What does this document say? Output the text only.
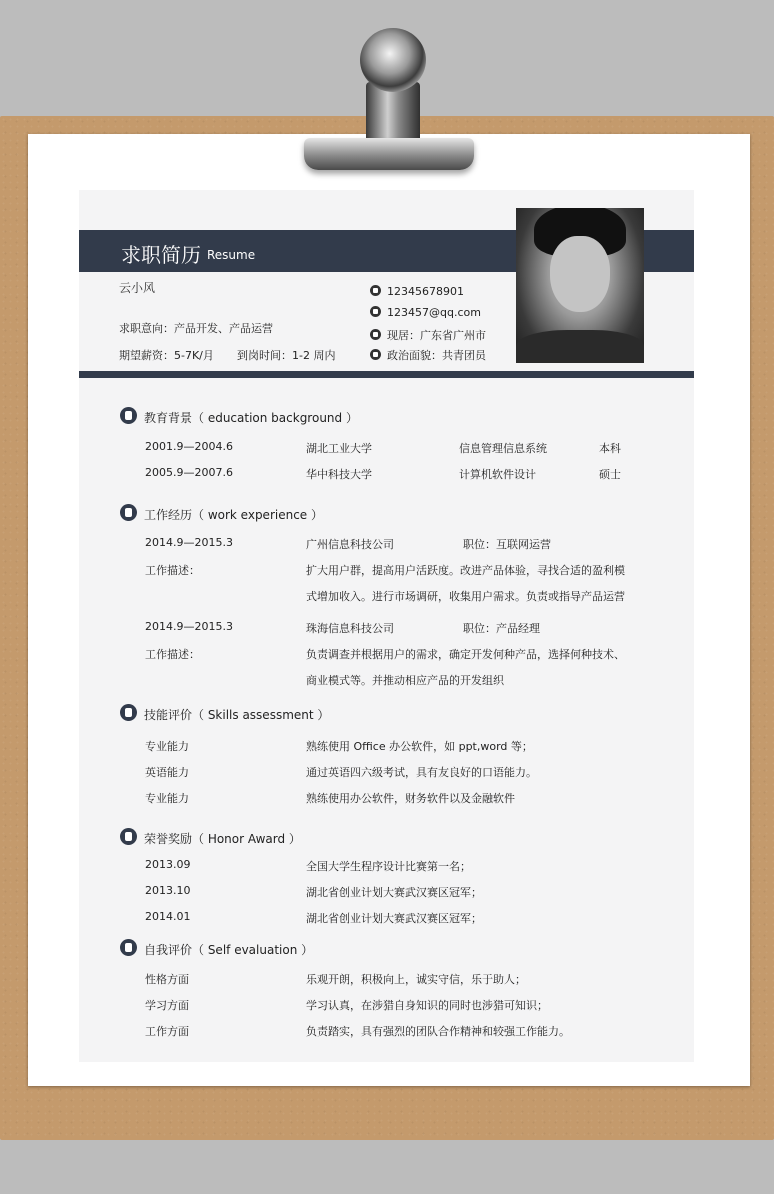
求职简历 Resume
云小风
求职意向：产品开发、产品运营
期望薪资：5-7K/月 到岗时间：1-2 周内
12345678901
123457@qq.com
现居：广东省广州市
政治面貌：共青团员
教育背景（ education background ）
2001.9—2004.6	湖北工业大学	信息管理信息系统	本科
2005.9—2007.6	华中科技大学	计算机软件设计	硕士
工作经历（ work experience ）
2014.9—2015.3	广州信息科技公司	职位：互联网运营
工作描述：	扩大用户群，提高用户活跃度。改进产品体验，寻找合适的盈利模
式增加收入。进行市场调研，收集用户需求。负责或指导产品运营
2014.9—2015.3	珠海信息科技公司	职位：产品经理
工作描述：	负责调查并根据用户的需求，确定开发何种产品，选择何种技术、
商业模式等。并推动相应产品的开发组织
技能评价（ Skills assessment ）
专业能力	熟练使用 Office 办公软件，如 ppt,word 等；
英语能力	通过英语四六级考试，具有友良好的口语能力。
专业能力	熟练使用办公软件，财务软件以及金融软件
荣誉奖励（ Honor Award ）
2013.09	全国大学生程序设计比赛第一名；
2013.10	湖北省创业计划大赛武汉赛区冠军；
2014.01	湖北省创业计划大赛武汉赛区冠军；
自我评价（ Self evaluation ）
性格方面	乐观开朗，积极向上，诚实守信，乐于助人；
学习方面	学习认真，在涉猎自身知识的同时也涉猎可知识；
工作方面	负责踏实，具有强烈的团队合作精神和较强工作能力。
